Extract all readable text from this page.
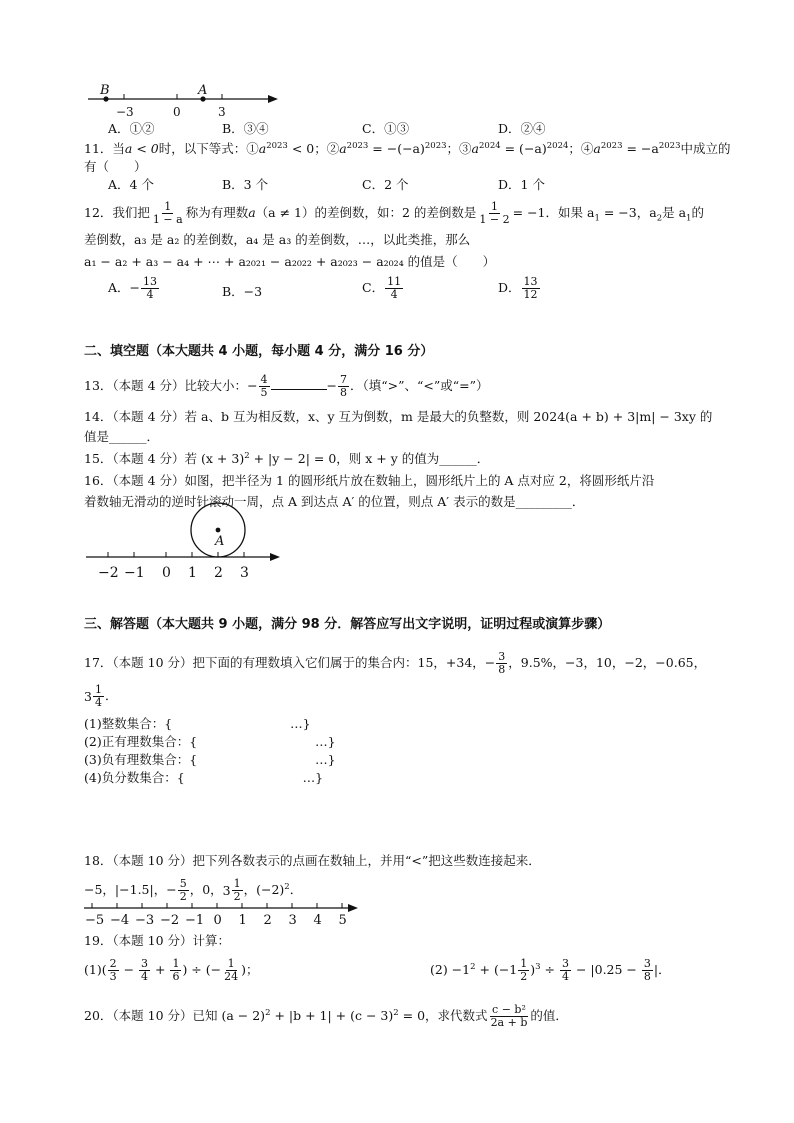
B	A
−3	0	3
A．①②	B．③④	C．①③	D．②④
11．当a < 0时，以下等式：$①a^{2023} < 0$；$②a^{2023} = -(-a)^{2023}$；$③a^{2024} = (-a)^{2024}$；$④a^{2023} = -a^{2023}$中成立的
有（　　）
A．4 个	B．3 个	C．2 个	D．1 个
12．我们把 $\frac{1}{1 - a}$ 称为有理数a（a ≠ 1）的差倒数，如：2 的差倒数是 $\frac{1}{1 - 2} = -1$．如果 $a_1 = -3$，$a_2$是 $a_1$的
差倒数，a₃ 是 a₂ 的差倒数，a₄ 是 a₃ 的差倒数，…，以此类推，那么
a₁ − a₂ + a₃ − a₄ + ⋯ + a₂₀₂₁ − a₂₀₂₂ + a₂₀₂₃ − a₂₀₂₄ 的值是（　　）
A．− $\frac{13}{4}$	B．−3	C． $\frac{11}{4}$	D． $\frac{13}{12}$
二、填空题（本大题共 4 小题，每小题 4 分，满分 16 分）
13．（本题 4 分）比较大小：− $\frac{4}{5}$	− $\frac{7}{8}$ ．（填“>”、“<”或“=”）
14．（本题 4 分）若 a、b 互为相反数，x、y 互为倒数，m 是最大的负整数，则 2024(a + b) + 3|m| − 3xy 的
值是______．
15．（本题 4 分）若 $(x + 3)^2 + |y - 2| = 0$，则 x + y 的值为______．
16．（本题 4 分）如图，把半径为 1 的圆形纸片放在数轴上，圆形纸片上的 A 点对应 2，将圆形纸片沿
着数轴无滑动的逆时针滚动一周，点 A 到达点 A′ 的位置，则点 A′ 表示的数是_________．
A
−2 −1 0 1 2 3
三、解答题（本大题共 9 小题，满分 98 分．解答应写出文字说明，证明过程或演算步骤）
17．（本题 10 分）把下面的有理数填入它们属于的集合内：15，+34，− $\frac{3}{8}$ ，9.5%，−3，10，−2，−0.65，
$3 \frac{1}{4}$ ．
(1)整数集合：{	…}
(2)正有理数集合：{	…}
(3)负有理数集合：{	…}
(4)负分数集合：{	…}
18．（本题 10 分）把下列各数表示的点画在数轴上，并用“<”把这些数连接起来．
−5，|−1.5|，− $\frac{5}{2}$ ，0， $3 \frac{1}{2}$ ，$(-2)^2$．
−5 −4 −3 −2 −1 0 1 2 3 4 5
19．（本题 10 分）计算：
$(1)( \frac{2}{3} - \frac{3}{4} + \frac{1}{6}$ ) ÷ (− $\frac{1}{24}$ )；	$(2) -1^2 + (-1 \frac{1}{2} )^3 \div \frac{3}{4} - |0.25 - \frac{3}{8}$ |．
20．（本题 10 分）已知 $(a - 2)^2 + |b + 1| + (c - 3)^2 = 0$，求代数式 $\frac{\text{c − b²}}{2a + b}$ 的值．
